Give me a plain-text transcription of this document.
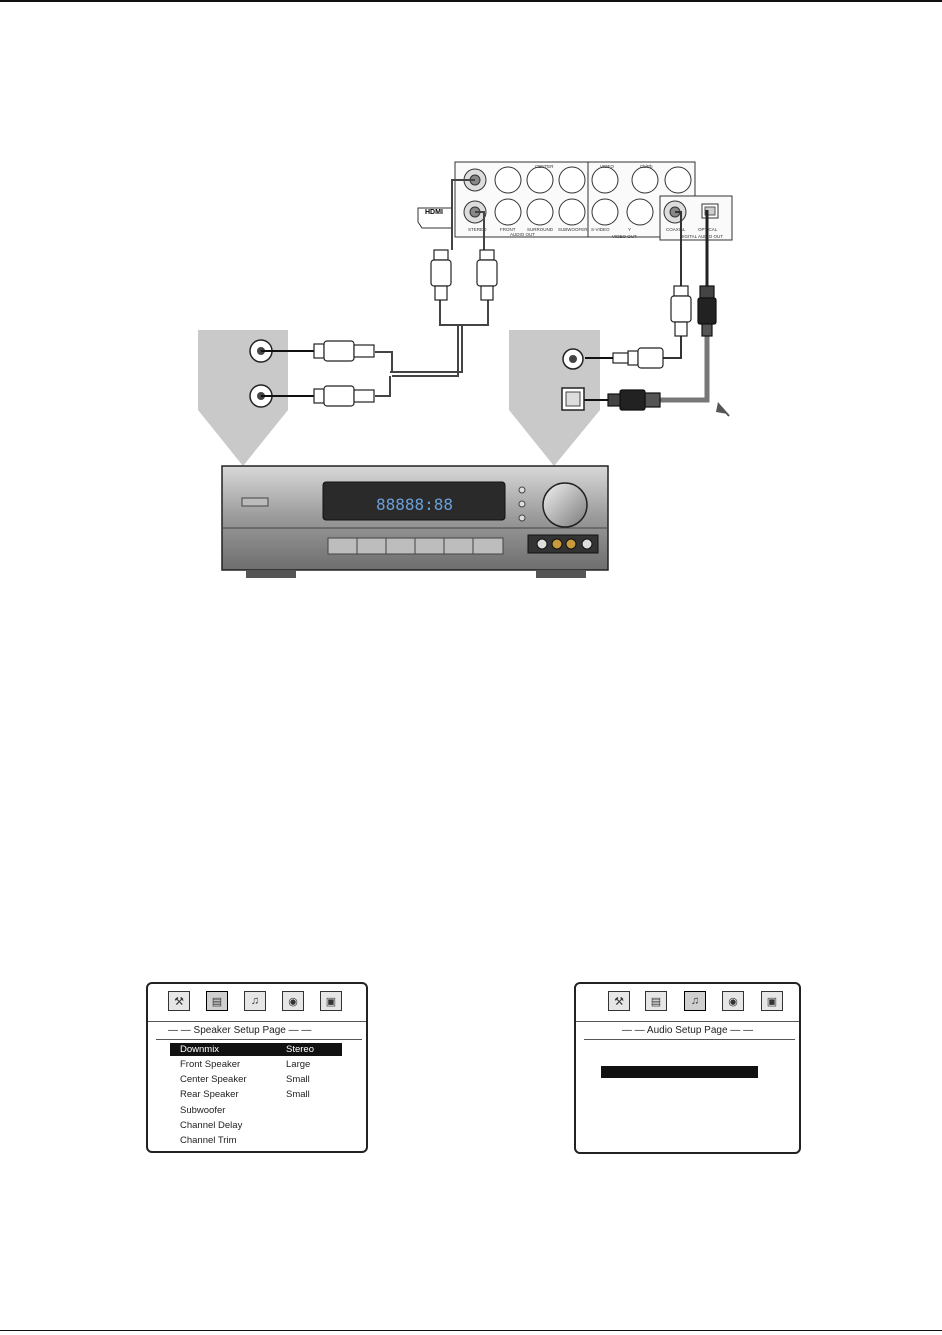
HDMI
STEREO	FRONT	SURROUND SUBWOOFER
AUDIO OUT
S-VIDEO	Y
VIDEO OUT
CENTER	VIDEO	Cb/Pb
COAXIAL	OPTICAL
DIGITAL AUDIO OUT
88888:88
⚒	▤	♫	◉	▣
— — Speaker Setup Page — —
Downmix	Stereo
Front Speaker	Large
Center Speaker	Small
Rear Speaker	Small
Subwoofer
Channel Delay
Channel Trim
⚒	▤	♫	◉	▣
— — Audio Setup Page — —
